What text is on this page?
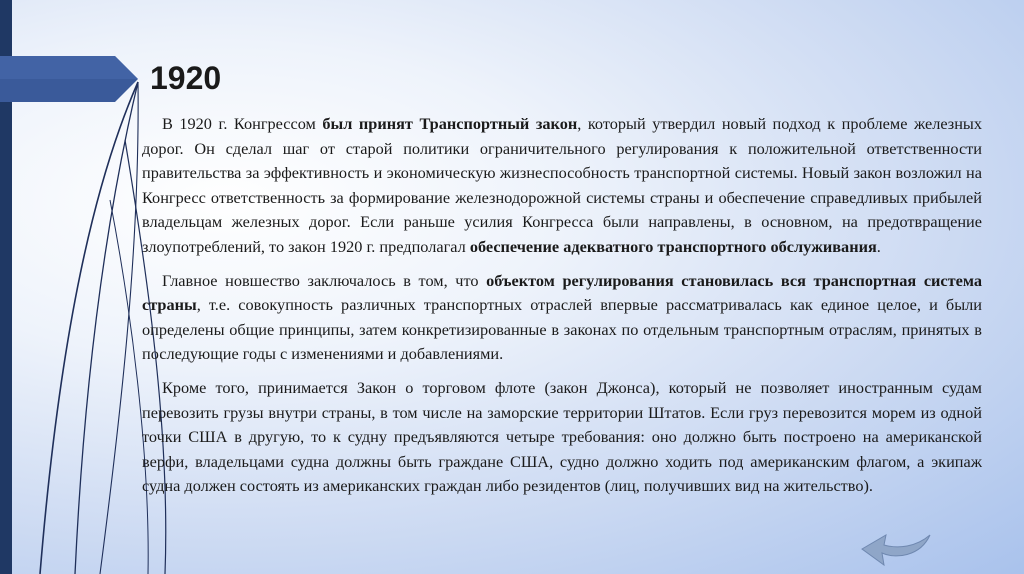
1920

В 1920 г. Конгрессом был принят Транспортный закон, который утвердил новый подход к проблеме железных дорог. Он сделал шаг от старой политики ограничительного регулирования к положительной ответственности правительства за эффективность и экономическую жизнеспособность транспортной системы. Новый закон возложил на Конгресс ответственность за формирование железнодорожной системы страны и обеспечение справедливых прибылей владельцам железных дорог. Если раньше усилия Конгресса были направлены, в основном, на предотвращение злоупотреблений, то закон 1920 г. предполагал обеспечение адекватного транспортного обслуживания.

Главное новшество заключалось в том, что объектом регулирования становилась вся транспортная система страны, т.е. совокупность различных транспортных отраслей впервые рассматривалась как единое целое, и были определены общие принципы, затем конкретизированные в законах по отдельным транспортным отраслям, принятых в последующие годы с изменениями и добавлениями.

Кроме того, принимается Закон о торговом флоте (закон Джонса), который не позволяет иностранным судам перевозить грузы внутри страны, в том числе на заморские территории Штатов. Если груз перевозится морем из одной точки США в другую, то к судну предъявляются четыре требования: оно должно быть построено на американской верфи, владельцами судна должны быть граждане США, судно должно ходить под американским флагом, а экипаж судна должен состоять из американских граждан либо резидентов (лиц, получивших вид на жительство).
